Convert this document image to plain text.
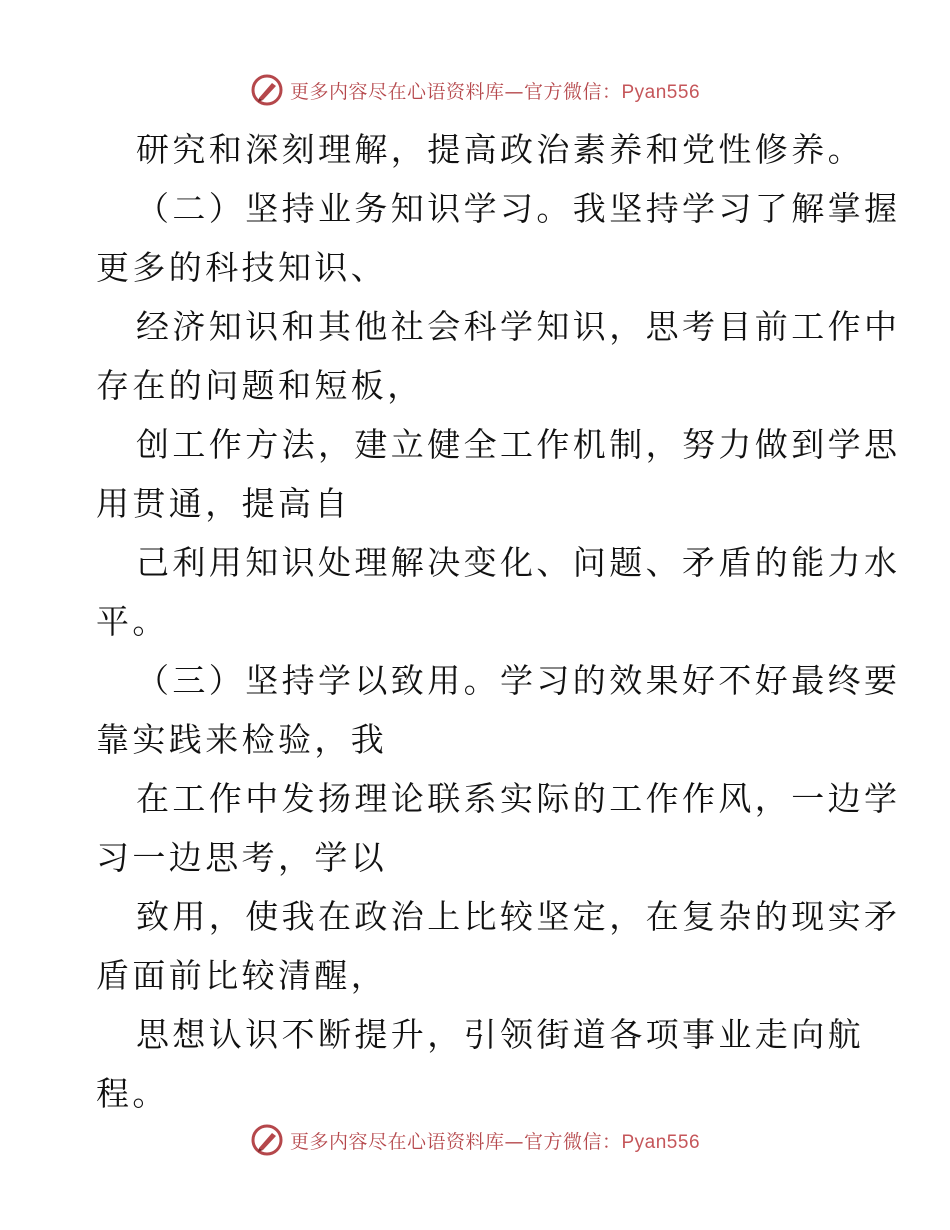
更多内容尽在心语资料库—官方微信：Pyan556
研究和深刻理解，提高政治素养和党性修养。
（二）坚持业务知识学习。我坚持学习了解掌握
更多的科技知识、
经济知识和其他社会科学知识，思考目前工作中
存在的问题和短板，
创工作方法，建立健全工作机制，努力做到学思
用贯通，提高自
己利用知识处理解决变化、问题、矛盾的能力水
平。
（三）坚持学以致用。学习的效果好不好最终要
靠实践来检验，我
在工作中发扬理论联系实际的工作作风，一边学
习一边思考，学以
致用，使我在政治上比较坚定，在复杂的现实矛
盾面前比较清醒，
思想认识不断提升，引领街道各项事业走向航
程。
更多内容尽在心语资料库—官方微信：Pyan556
